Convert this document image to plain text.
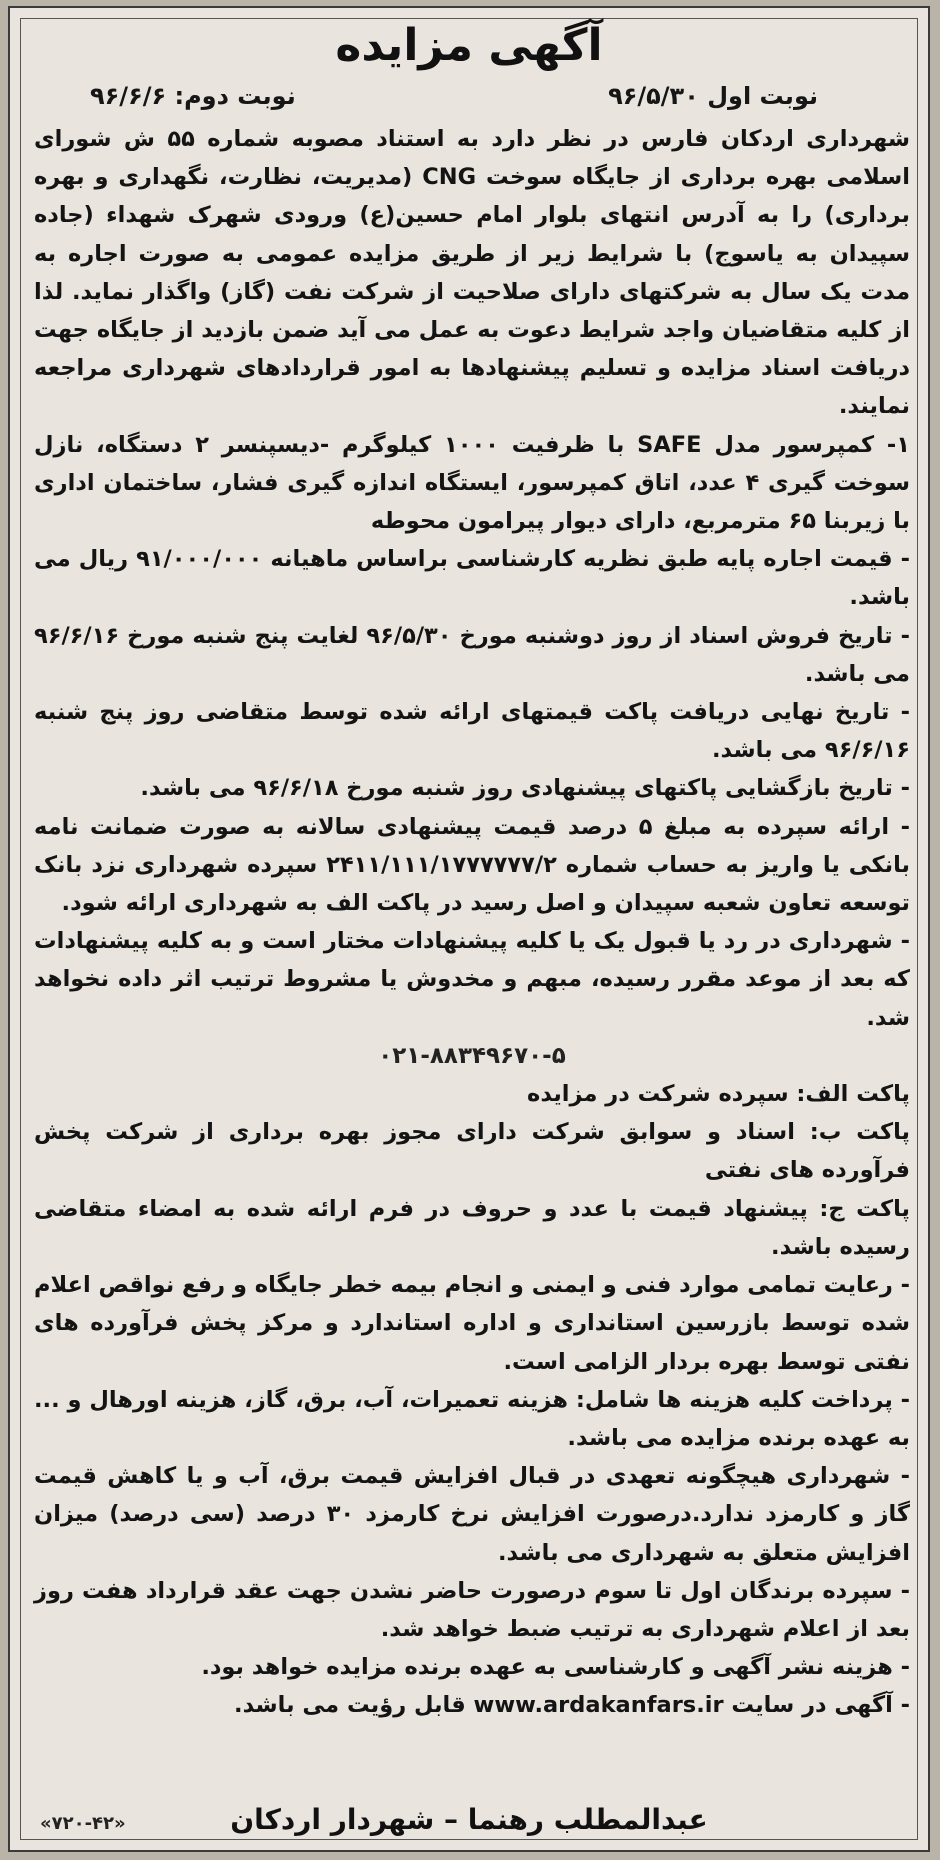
آگهی مزایده
نوبت اول ۹۶/۵/۳۰
نوبت دوم: ۹۶/۶/۶

شهرداری اردکان فارس در نظر دارد به استناد مصوبه شماره ۵۵ ش شورای اسلامی بهره برداری از جایگاه سوخت CNG (مدیریت، نظارت، نگهداری و بهره برداری) را به آدرس انتهای بلوار امام حسین(ع) ورودی شهرک شهداء (جاده سپیدان به یاسوج) با شرایط زیر از طریق مزایده عمومی به صورت اجاره به مدت یک سال به شرکتهای دارای صلاحیت از شرکت نفت (گاز) واگذار نماید. لذا از کلیه متقاضیان واجد شرایط دعوت به عمل می آید ضمن بازدید از جایگاه جهت دریافت اسناد مزایده و تسلیم پیشنهادها به امور قراردادهای شهرداری مراجعه نمایند.

۱- کمپرسور مدل SAFE با ظرفیت ۱۰۰۰ کیلوگرم -دیسپنسر ۲ دستگاه، نازل سوخت گیری ۴ عدد، اتاق کمپرسور، ایستگاه اندازه گیری فشار، ساختمان اداری با زیربنا ۶۵ مترمربع، دارای دیوار پیرامون محوطه

- قیمت اجاره پایه طبق نظریه کارشناسی براساس ماهیانه ۹۱/۰۰۰/۰۰۰ ریال می باشد.

- تاریخ فروش اسناد از روز دوشنبه مورخ ۹۶/۵/۳۰ لغایت پنج شنبه مورخ ۹۶/۶/۱۶ می باشد.

- تاریخ نهایی دریافت پاکت قیمتهای ارائه شده توسط متقاضی روز پنج شنبه ۹۶/۶/۱۶ می باشد.

- تاریخ بازگشایی پاکتهای پیشنهادی روز شنبه مورخ ۹۶/۶/۱۸ می باشد.

- ارائه سپرده به مبلغ ۵ درصد قیمت پیشنهادی سالانه به صورت ضمانت نامه بانکی یا واریز به حساب شماره ۲۴۱۱/۱۱۱/۱۷۷۷۷۷۷/۲ سپرده شهرداری نزد بانک توسعه تعاون شعبه سپیدان و اصل رسید در پاکت الف به شهرداری ارائه شود.

- شهرداری در رد یا قبول یک یا کلیه پیشنهادات مختار است و به کلیه پیشنهادات که بعد از موعد مقرر رسیده، مبهم و مخدوش یا مشروط ترتیب اثر داده نخواهد شد.

۰۲۱-۸۸۳۴۹۶۷۰-۵

پاکت الف: سپرده شرکت در مزایده

پاکت ب: اسناد و سوابق شرکت دارای مجوز بهره برداری از شرکت پخش فرآورده های نفتی

پاکت ج: پیشنهاد قیمت با عدد و حروف در فرم ارائه شده به امضاء متقاضی رسیده باشد.

- رعایت تمامی موارد فنی و ایمنی و انجام بیمه خطر جایگاه و رفع نواقص اعلام شده توسط بازرسین استانداری و اداره استاندارد و مرکز پخش فرآورده های نفتی توسط بهره بردار الزامی است.

- پرداخت کلیه هزینه ها شامل: هزینه تعمیرات، آب، برق، گاز، هزینه اورهال و ... به عهده برنده مزایده می باشد.

- شهرداری هیچگونه تعهدی در قبال افزایش قیمت برق، آب و یا کاهش قیمت گاز و کارمزد ندارد.درصورت افزایش نرخ کارمزد ۳۰ درصد (سی درصد) میزان افزایش متعلق به شهرداری می باشد.

- سپرده برندگان اول تا سوم درصورت حاضر نشدن جهت عقد قرارداد هفت روز بعد از اعلام شهرداری به ترتیب ضبط خواهد شد.

- هزینه نشر آگهی و کارشناسی به عهده برنده مزایده خواهد بود.

- آگهی در سایت www.ardakanfars.ir قابل رؤیت می باشد.

عبدالمطلب رهنما – شهردار اردکان
«۷۲۰-۴۲»
